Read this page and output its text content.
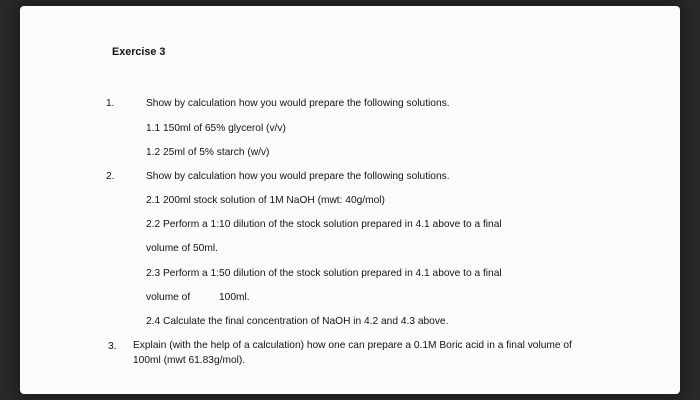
Exercise 3
1.	Show by calculation how you would prepare the following solutions.
1.1 150ml of 65% glycerol (v/v)
1.2 25ml of 5% starch (w/v)
2.	Show by calculation how you would prepare the following solutions.
2.1 200ml stock solution of 1M NaOH (mwt: 40g/mol)
2.2 Perform a 1:10 dilution of the stock solution prepared in 4.1 above to a final
volume of 50ml.
2.3 Perform a 1:50 dilution of the stock solution prepared in 4.1 above to a final
volume of	100ml.
2.4 Calculate the final concentration of NaOH in 4.2 and 4.3 above.
3. Explain (with the help of a calculation) how one can prepare a 0.1M Boric acid in a final volume of 100ml (mwt 61.83g/mol).
